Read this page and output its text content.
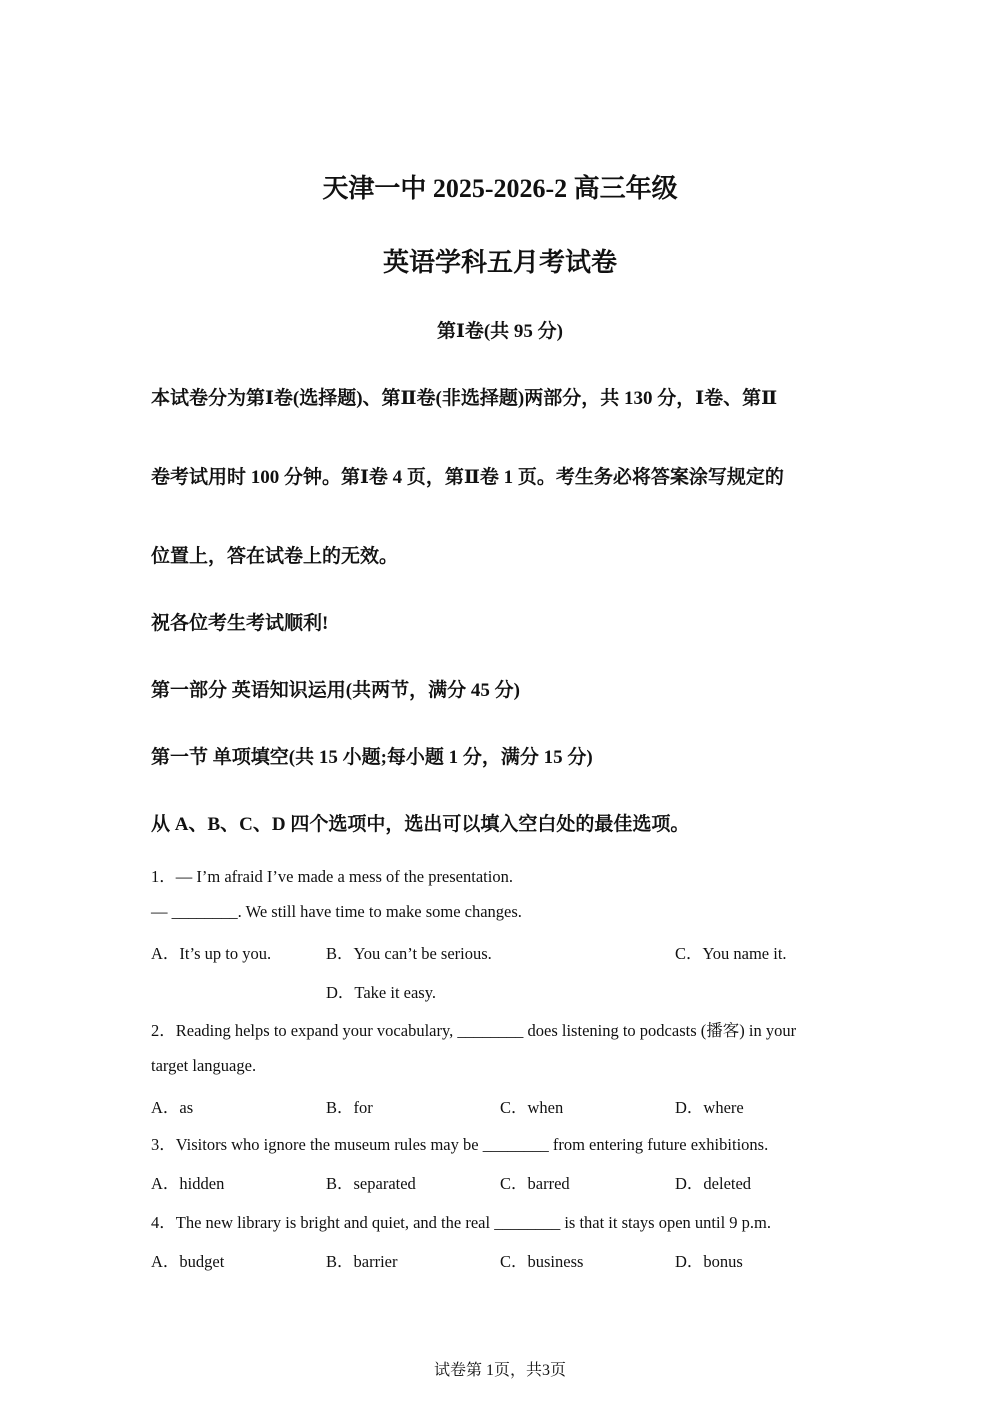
天津一中 2025-2026-2 高三年级
英语学科五月考试卷
第Ⅰ卷(共 95 分)
本试卷分为第Ⅰ卷(选择题)、第Ⅱ卷(非选择题)两部分，共 130 分，Ⅰ卷、第Ⅱ
卷考试用时 100 分钟。第Ⅰ卷 4 页，第Ⅱ卷 1 页。考生务必将答案涂写规定的
位置上，答在试卷上的无效。
祝各位考生考试顺利!
第一部分 英语知识运用(共两节，满分 45 分)
第一节 单项填空(共 15 小题;每小题 1 分，满分 15 分)
从 A、B、C、D 四个选项中，选出可以填入空白处的最佳选项。
1．— I’m afraid I’ve made a mess of the presentation.
— ________. We still have time to make some changes.
A．It’s up to you.	B．You can’t be serious.	C．You name it.
D．Take it easy.
2．Reading helps to expand your vocabulary, ________ does listening to podcasts (播客) in your
target language.
A．as	B．for	C．when	D．where
3．Visitors who ignore the museum rules may be ________ from entering future exhibitions.
A．hidden	B．separated	C．barred	D．deleted
4．The new library is bright and quiet, and the real ________ is that it stays open until 9 p.m.
A．budget	B．barrier	C．business	D．bonus
试卷第 1页，共3页
